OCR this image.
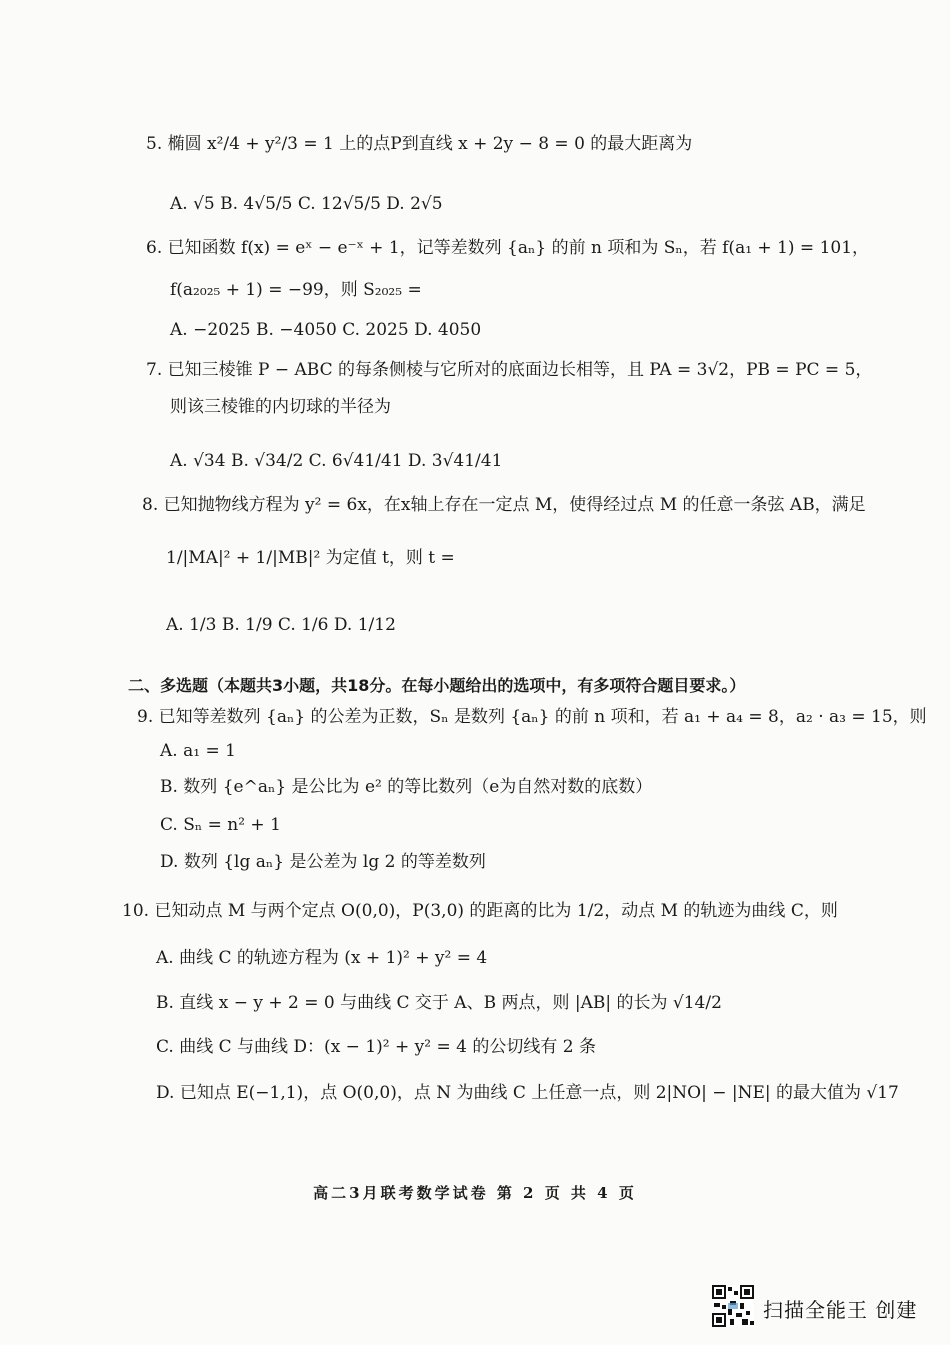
5. 椭圆 x²/4 + y²/3 = 1 上的点P到直线 x + 2y − 8 = 0 的最大距离为
A. √5 B. 4√5/5 C. 12√5/5 D. 2√5
6. 已知函数 f(x) = eˣ − e⁻ˣ + 1，记等差数列 {aₙ} 的前 n 项和为 Sₙ，若 f(a₁ + 1) = 101，
f(a₂₀₂₅ + 1) = −99，则 S₂₀₂₅ =
A. −2025 B. −4050 C. 2025 D. 4050
7. 已知三棱锥 P − ABC 的每条侧棱与它所对的底面边长相等，且 PA = 3√2，PB = PC = 5，
则该三棱锥的内切球的半径为
A. √34 B. √34/2 C. 6√41/41 D. 3√41/41
8. 已知抛物线方程为 y² = 6x，在x轴上存在一定点 M，使得经过点 M 的任意一条弦 AB，满足
1/|MA|² + 1/|MB|² 为定值 t，则 t =
A. 1/3 B. 1/9 C. 1/6 D. 1/12
二、多选题（本题共3小题，共18分。在每小题给出的选项中，有多项符合题目要求。）
9. 已知等差数列 {aₙ} 的公差为正数，Sₙ 是数列 {aₙ} 的前 n 项和，若 a₁ + a₄ = 8，a₂ · a₃ = 15，则
A. a₁ = 1
B. 数列 {e^aₙ} 是公比为 e² 的等比数列（e为自然对数的底数）
C. Sₙ = n² + 1
D. 数列 {lg aₙ} 是公差为 lg 2 的等差数列
10. 已知动点 M 与两个定点 O(0,0)，P(3,0) 的距离的比为 1/2，动点 M 的轨迹为曲线 C，则
A. 曲线 C 的轨迹方程为 (x + 1)² + y² = 4
B. 直线 x − y + 2 = 0 与曲线 C 交于 A、B 两点，则 |AB| 的长为 √14/2
C. 曲线 C 与曲线 D：(x − 1)² + y² = 4 的公切线有 2 条
D. 已知点 E(−1,1)，点 O(0,0)，点 N 为曲线 C 上任意一点，则 2|NO| − |NE| 的最大值为 √17
高二3月联考数学试卷 第 2 页 共 4 页
扫描全能王 创建
